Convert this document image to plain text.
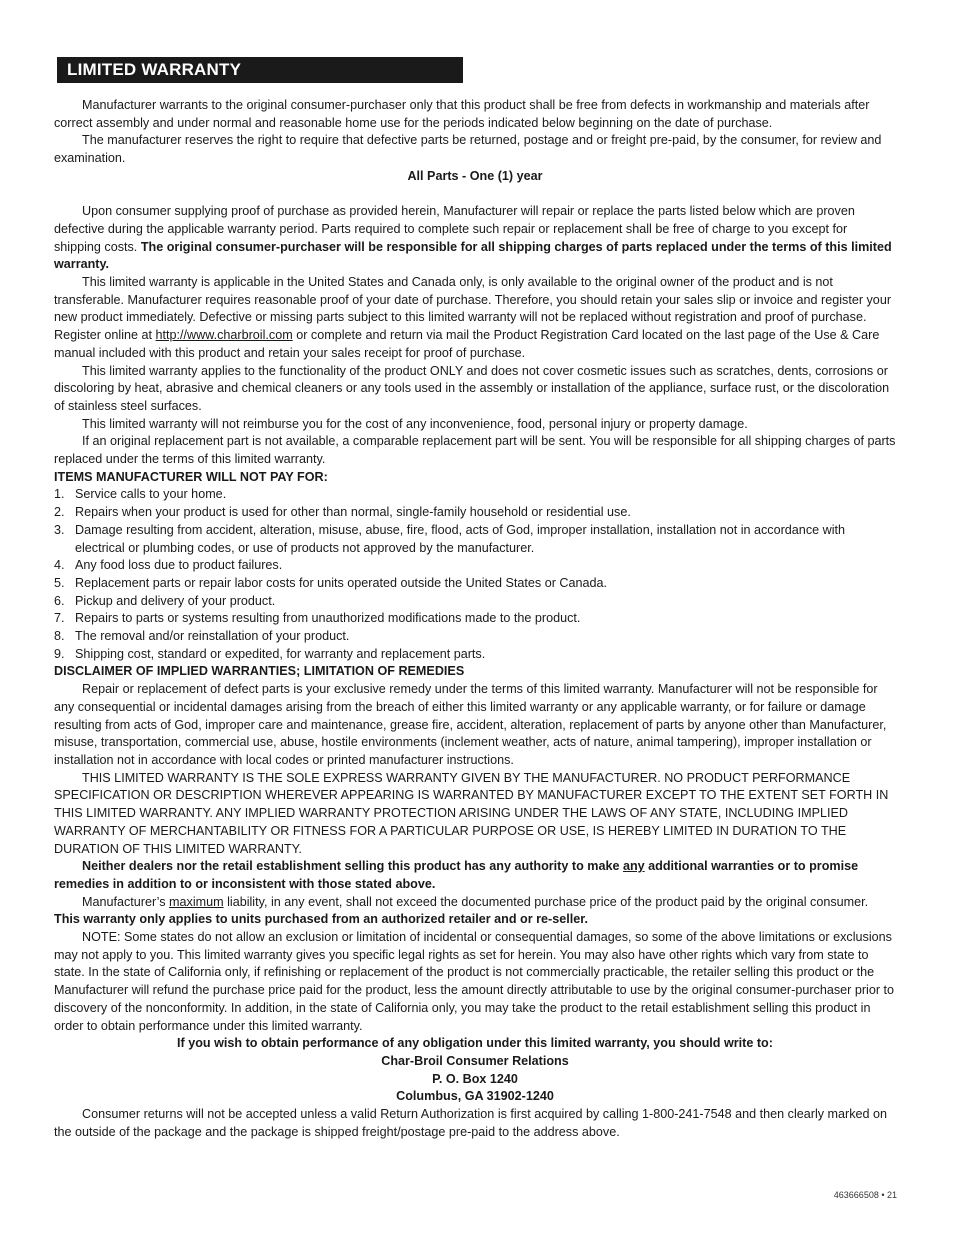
LIMITED WARRANTY

Manufacturer warrants to the original consumer-purchaser only that this product shall be free from defects in workmanship and materials after correct assembly and under normal and reasonable home use for the periods indicated below beginning on the date of purchase.

The manufacturer reserves the right to require that defective parts be returned, postage and or freight pre-paid, by the consumer, for review and examination.

All Parts - One (1) year

Upon consumer supplying proof of purchase as provided herein, Manufacturer will repair or replace the parts listed below which are proven defective during the applicable warranty period. Parts required to complete such repair or replacement shall be free of charge to you except for shipping costs. The original consumer-purchaser will be responsible for all shipping charges of parts replaced under the terms of this limited warranty.

This limited warranty is applicable in the United States and Canada only, is only available to the original owner of the product and is not transferable. Manufacturer requires reasonable proof of your date of purchase. Therefore, you should retain your sales slip or invoice and register your new product immediately. Defective or missing parts subject to this limited warranty will not be replaced without registration and proof of purchase. Register online at http://www.charbroil.com or complete and return via mail the Product Registration Card located on the last page of the Use & Care manual included with this product and retain your sales receipt for proof of purchase.

This limited warranty applies to the functionality of the product ONLY and does not cover cosmetic issues such as scratches, dents, corrosions or discoloring by heat, abrasive and chemical cleaners or any tools used in the assembly or installation of the appliance, surface rust, or the discoloration of stainless steel surfaces.

This limited warranty will not reimburse you for the cost of any inconvenience, food, personal injury or property damage.

If an original replacement part is not available, a comparable replacement part will be sent. You will be responsible for all shipping charges of parts replaced under the terms of this limited warranty.

ITEMS MANUFACTURER WILL NOT PAY FOR:

1. Service calls to your home.
2. Repairs when your product is used for other than normal, single-family household or residential use.
3. Damage resulting from accident, alteration, misuse, abuse, fire, flood, acts of God, improper installation, installation not in accordance with electrical or plumbing codes, or use of products not approved by the manufacturer.
4. Any food loss due to product failures.
5. Replacement parts or repair labor costs for units operated outside the United States or Canada.
6. Pickup and delivery of your product.
7. Repairs to parts or systems resulting from unauthorized modifications made to the product.
8. The removal and/or reinstallation of your product.
9. Shipping cost, standard or expedited, for warranty and replacement parts.

DISCLAIMER OF IMPLIED WARRANTIES; LIMITATION OF REMEDIES

Repair or replacement of defect parts is your exclusive remedy under the terms of this limited warranty. Manufacturer will not be responsible for any consequential or incidental damages arising from the breach of either this limited warranty or any applicable warranty, or for failure or damage resulting from acts of God, improper care and maintenance, grease fire, accident, alteration, replacement of parts by anyone other than Manufacturer, misuse, transportation, commercial use, abuse, hostile environments (inclement weather, acts of nature, animal tampering), improper installation or installation not in accordance with local codes or printed manufacturer instructions.

THIS LIMITED WARRANTY IS THE SOLE EXPRESS WARRANTY GIVEN BY THE MANUFACTURER. NO PRODUCT PERFORMANCE SPECIFICATION OR DESCRIPTION WHEREVER APPEARING IS WARRANTED BY MANUFACTURER EXCEPT TO THE EXTENT SET FORTH IN THIS LIMITED WARRANTY. ANY IMPLIED WARRANTY PROTECTION ARISING UNDER THE LAWS OF ANY STATE, INCLUDING IMPLIED WARRANTY OF MERCHANTABILITY OR FITNESS FOR A PARTICULAR PURPOSE OR USE, IS HEREBY LIMITED IN DURATION TO THE DURATION OF THIS LIMITED WARRANTY.

Neither dealers nor the retail establishment selling this product has any authority to make any additional warranties or to promise remedies in addition to or inconsistent with those stated above.

Manufacturer’s maximum liability, in any event, shall not exceed the documented purchase price of the product paid by the original consumer.

This warranty only applies to units purchased from an authorized retailer and or re-seller.

NOTE: Some states do not allow an exclusion or limitation of incidental or consequential damages, so some of the above limitations or exclusions may not apply to you. This limited warranty gives you specific legal rights as set for herein. You may also have other rights which vary from state to state. In the state of California only, if refinishing or replacement of the product is not commercially practicable, the retailer selling this product or the Manufacturer will refund the purchase price paid for the product, less the amount directly attributable to use by the original consumer-purchaser prior to discovery of the nonconformity. In addition, in the state of California only, you may take the product to the retail establishment selling this product in order to obtain performance under this limited warranty.

If you wish to obtain performance of any obligation under this limited warranty, you should write to:

Char-Broil Consumer Relations

P. O. Box 1240

Columbus, GA 31902-1240

Consumer returns will not be accepted unless a valid Return Authorization is first acquired by calling 1-800-241-7548 and then clearly marked on the outside of the package and the package is shipped freight/postage pre-paid to the address above.

463666508 • 21
